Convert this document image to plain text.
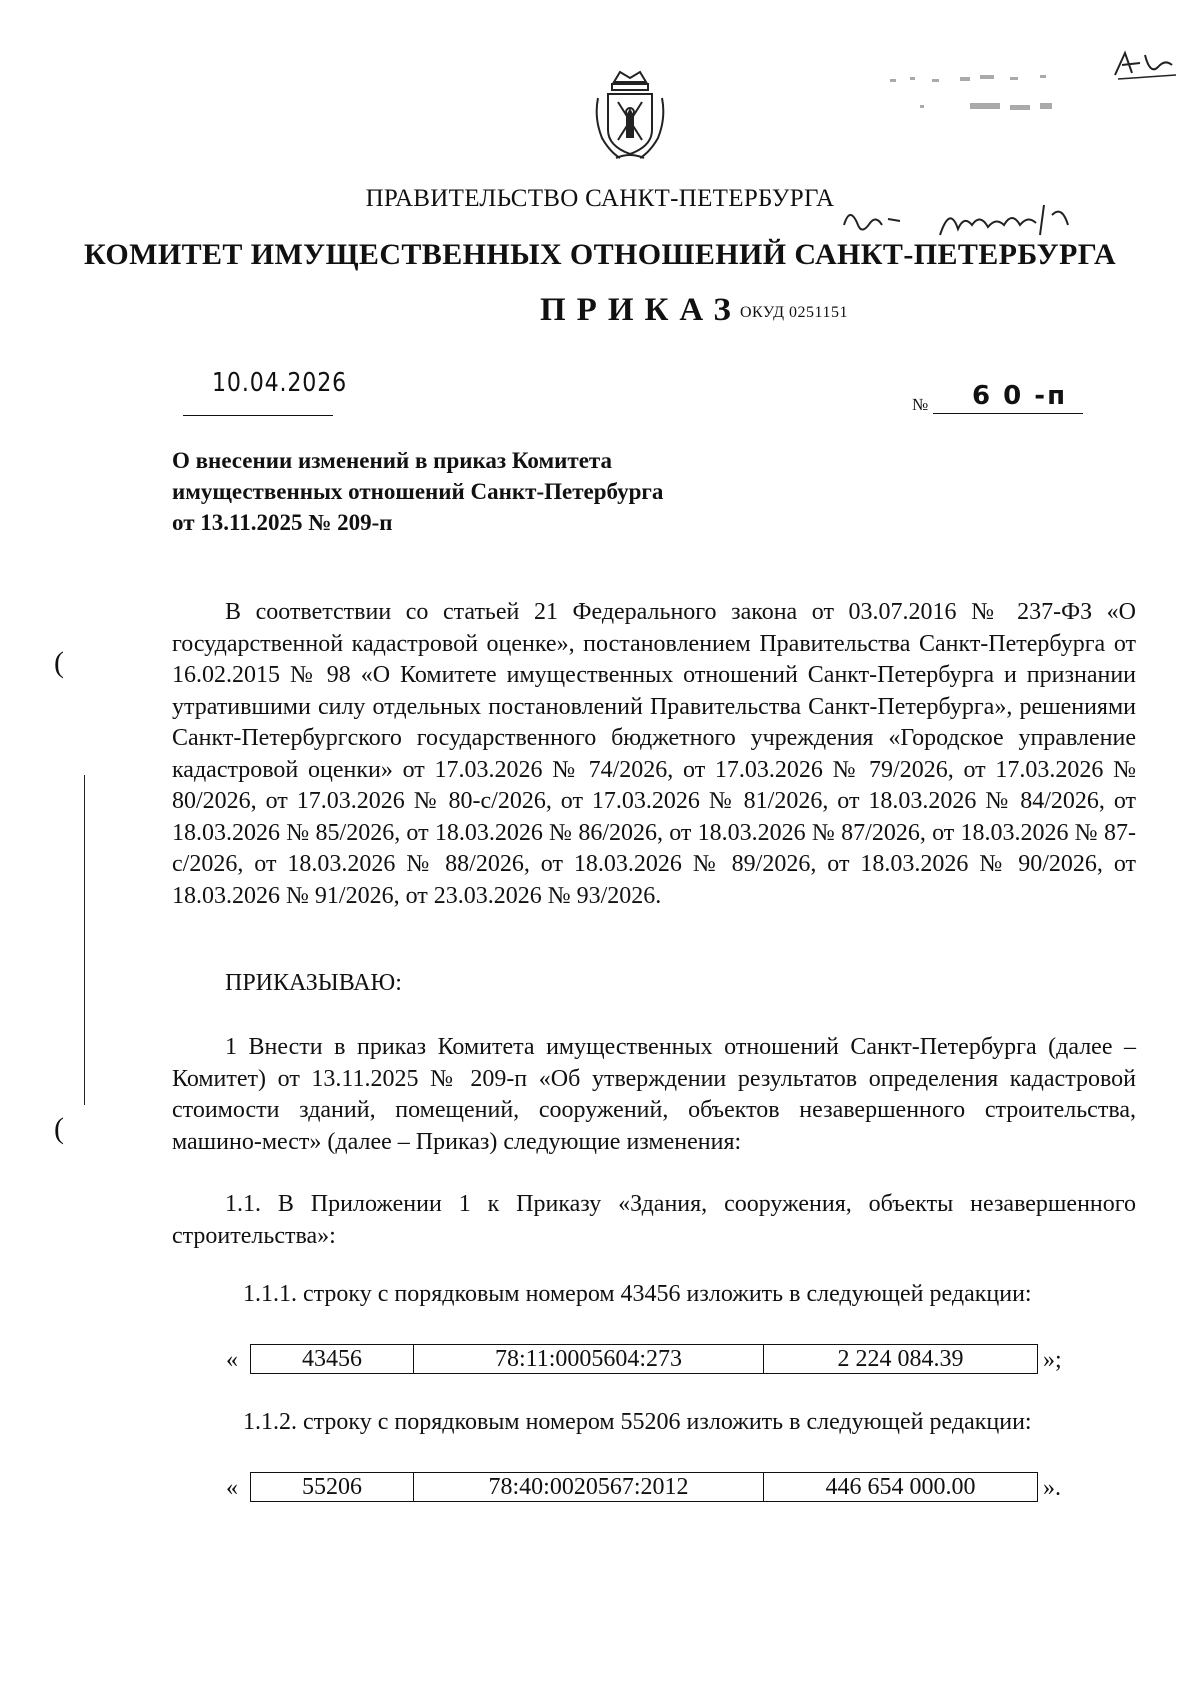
ПРАВИТЕЛЬСТВО САНКТ-ПЕТЕРБУРГА
КОМИТЕТ ИМУЩЕСТВЕННЫХ ОТНОШЕНИЙ САНКТ-ПЕТЕРБУРГА
ПРИКАЗ
ОКУД 0251151
10.04.2026
№ 6 0 -п
О внесении изменений в приказ Комитета
имущественных отношений Санкт-Петербурга
от 13.11.2025 № 209-п
В соответствии со статьей 21 Федерального закона от 03.07.2016 № 237-ФЗ «О государственной кадастровой оценке», постановлением Правительства Санкт-Петербурга от 16.02.2015 № 98 «О Комитете имущественных отношений Санкт-Петербурга и признании утратившими силу отдельных постановлений Правительства Санкт-Петербурга», решениями Санкт-Петербургского государственного бюджетного учреждения «Городское управление кадастровой оценки» от 17.03.2026 № 74/2026, от 17.03.2026 № 79/2026, от 17.03.2026 № 80/2026, от 17.03.2026 № 80-с/2026, от 17.03.2026 № 81/2026, от 18.03.2026 № 84/2026, от 18.03.2026 № 85/2026, от 18.03.2026 № 86/2026, от 18.03.2026 № 87/2026, от 18.03.2026 № 87-с/2026, от 18.03.2026 № 88/2026, от 18.03.2026 № 89/2026, от 18.03.2026 № 90/2026, от 18.03.2026 № 91/2026, от 23.03.2026 № 93/2026.
ПРИКАЗЫВАЮ:
1 Внести в приказ Комитета имущественных отношений Санкт-Петербурга (далее – Комитет) от 13.11.2025 № 209-п «Об утверждении результатов определения кадастровой стоимости зданий, помещений, сооружений, объектов незавершенного строительства, машино-мест» (далее – Приказ) следующие изменения:
1.1. В Приложении 1 к Приказу «Здания, сооружения, объекты незавершенного строительства»:
1.1.1. строку с порядковым номером 43456 изложить в следующей редакции:
«	43456	78:11:0005604:273	2 224 084.39	»;
1.1.2. строку с порядковым номером 55206 изложить в следующей редакции:
«	55206	78:40:0020567:2012	446 654 000.00	».
(
(
